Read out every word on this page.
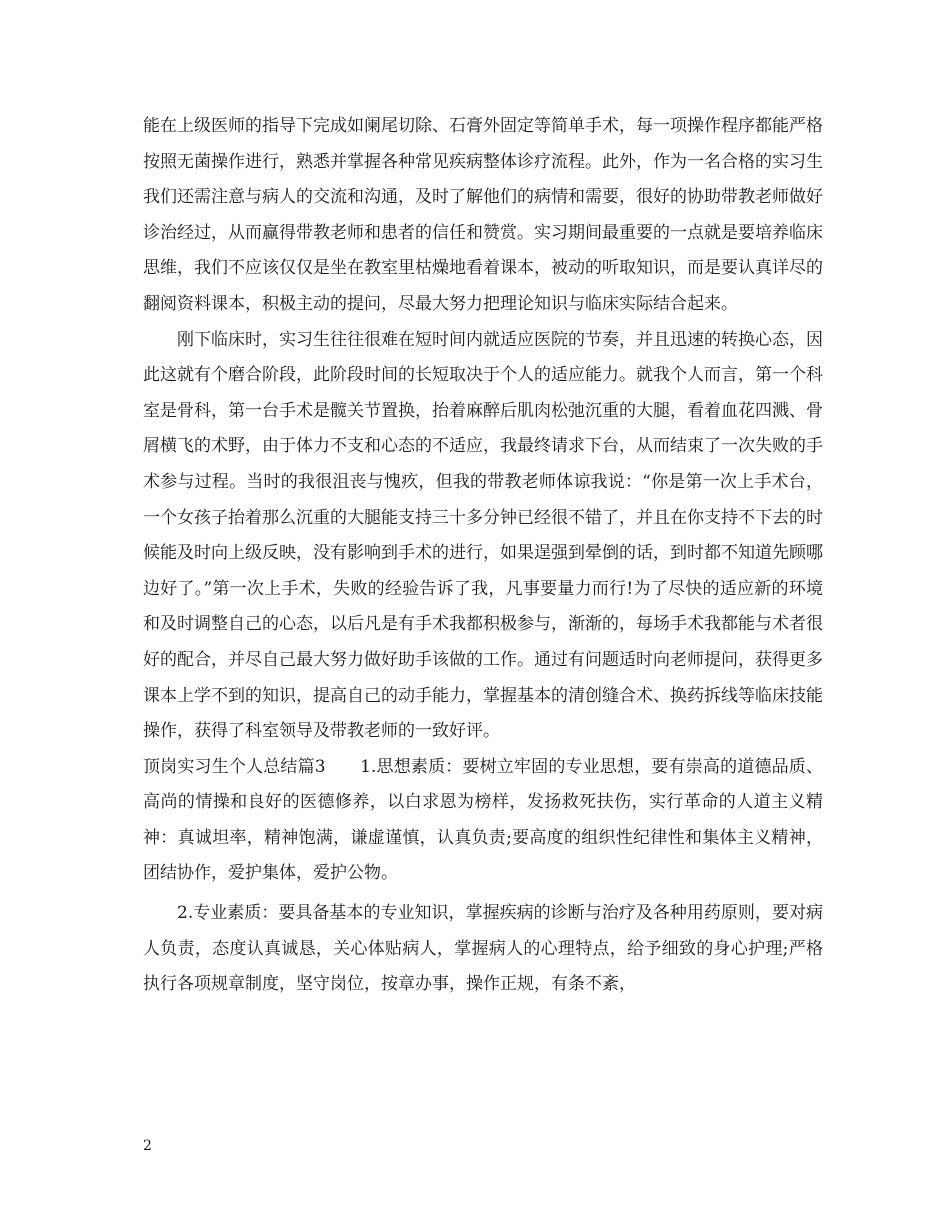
能在上级医师的指导下完成如阑尾切除、石膏外固定等简单手术，每一项操作程序都能严格按照无菌操作进行，熟悉并掌握各种常见疾病整体诊疗流程。此外，作为一名合格的实习生我们还需注意与病人的交流和沟通，及时了解他们的病情和需要，很好的协助带教老师做好诊治经过，从而赢得带教老师和患者的信任和赞赏。实习期间最重要的一点就是要培养临床思维，我们不应该仅仅是坐在教室里枯燥地看着课本，被动的听取知识，而是要认真详尽的翻阅资料课本，积极主动的提问，尽最大努力把理论知识与临床实际结合起来。

刚下临床时，实习生往往很难在短时间内就适应医院的节奏，并且迅速的转换心态，因此这就有个磨合阶段，此阶段时间的长短取决于个人的适应能力。就我个人而言，第一个科室是骨科，第一台手术是髋关节置换，抬着麻醉后肌肉松弛沉重的大腿，看着血花四溅、骨屑横飞的术野，由于体力不支和心态的不适应，我最终请求下台，从而结束了一次失败的手术参与过程。当时的我很沮丧与愧疚，但我的带教老师体谅我说：“你是第一次上手术台，一个女孩子抬着那么沉重的大腿能支持三十多分钟已经很不错了，并且在你支持不下去的时候能及时向上级反映，没有影响到手术的进行，如果逞强到晕倒的话，到时都不知道先顾哪边好了。”第一次上手术，失败的经验告诉了我，凡事要量力而行!为了尽快的适应新的环境和及时调整自己的心态，以后凡是有手术我都积极参与，渐渐的，每场手术我都能与术者很好的配合，并尽自己最大努力做好助手该做的工作。通过有问题适时向老师提问，获得更多课本上学不到的知识，提高自己的动手能力，掌握基本的清创缝合术、换药拆线等临床技能操作，获得了科室领导及带教老师的一致好评。

顶岗实习生个人总结篇3　　1.思想素质：要树立牢固的专业思想，要有崇高的道德品质、高尚的情操和良好的医德修养，以白求恩为榜样，发扬救死扶伤，实行革命的人道主义精神：真诚坦率，精神饱满，谦虚谨慎，认真负责;要高度的组织性纪律性和集体主义精神，团结协作，爱护集体，爱护公物。

2.专业素质：要具备基本的专业知识，掌握疾病的诊断与治疗及各种用药原则，要对病人负责，态度认真诚恳，关心体贴病人，掌握病人的心理特点，给予细致的身心护理;严格执行各项规章制度，坚守岗位，按章办事，操作正规，有条不紊，

2
